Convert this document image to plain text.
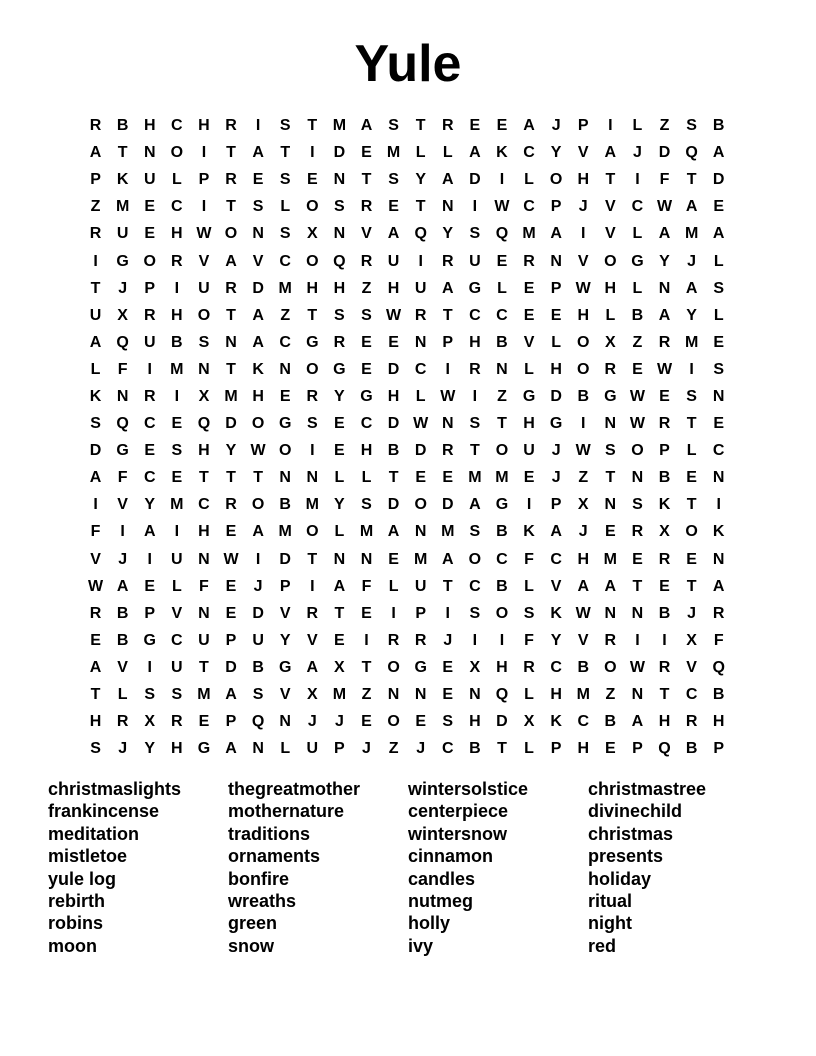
Yule
R B H C H R	I	S	T M A S	T	R E	E A	J	P	I	L	Z	S B
A	T	N O	I	T	A	T	I	D E M L	L	A K C Y	V A	J	D Q A
P K U	L	P R E	S	E N	T	S	Y A D	I	L O H	T	I	F	T	D
Z M E C	I	T	S	L O S R E	T	N	I	W C P	J	V C W A E
R U E H W O N S	X N V A Q Y	S Q M A	I	V	L	A M A
I	G O R V A V C O Q R U	I	R U E R N V O G Y	J	L
T	J	P	I	U R D M H H	Z	H U A G L	E	P W H	L	N A S
U X R H O T	A	Z	T	S	S W R	T	C C E	E H	L	B A Y	L
A Q U B S N A C G R E	E N P H B V	L O X	Z	R M E
L	F	I	M N	T	K N O G E D C	I	R N	L	H O R E W	I	S
K N R	I	X M H E R Y G H	L W	I	Z G D B G W E	S N
S Q C E Q D O G S	E C D W N S	T	H G	I	N W R	T	E
D G E	S H Y W O	I	E H B D R	T O U	J W S O P	L	C
A	F	C E	T	T	T	N N	L	L	T	E	E M M E	J	Z	T	N B E N
I	V	Y M C R O B M Y	S D O D A G	I	P	X N S K	T	I
F	I	A	I	H E A M O L M A N M S B K A	J	E R X O K
V	J	I	U N W	I	D	T	N N E M A O C	F	C H M E R E N
W A E	L	F	E	J	P	I	A	F	L	U	T	C B	L	V A A	T	E	T	A
R B P	V N E D V R	T	E	I	P	I	S O S K W N N B	J	R
E B G C U P U Y	V	E	I	R R	J	I	I	F	Y	V R	I	I	X	F
A V	I	U	T	D B G A X	T O G E	X H R C B O W R V Q
T	L	S	S M A S	V	X M Z	N N E N Q L	H M Z	N	T	C B
H R X R E	P Q N	J	J	E O E	S H D X K C B A H R H
S	J	Y H G A N	L	U P	J	Z	J	C B	T	L	P H E	P Q B P
christmaslights
frankincense
meditation
mistletoe
yule log
rebirth
robins
moon
thegreatmother
mothernature
traditions
ornaments
bonfire
wreaths
green
snow
wintersolstice
centerpiece
wintersnow
cinnamon
candles
nutmeg
holly
ivy
christmastree
divinechild
christmas
presents
holiday
ritual
night
red
